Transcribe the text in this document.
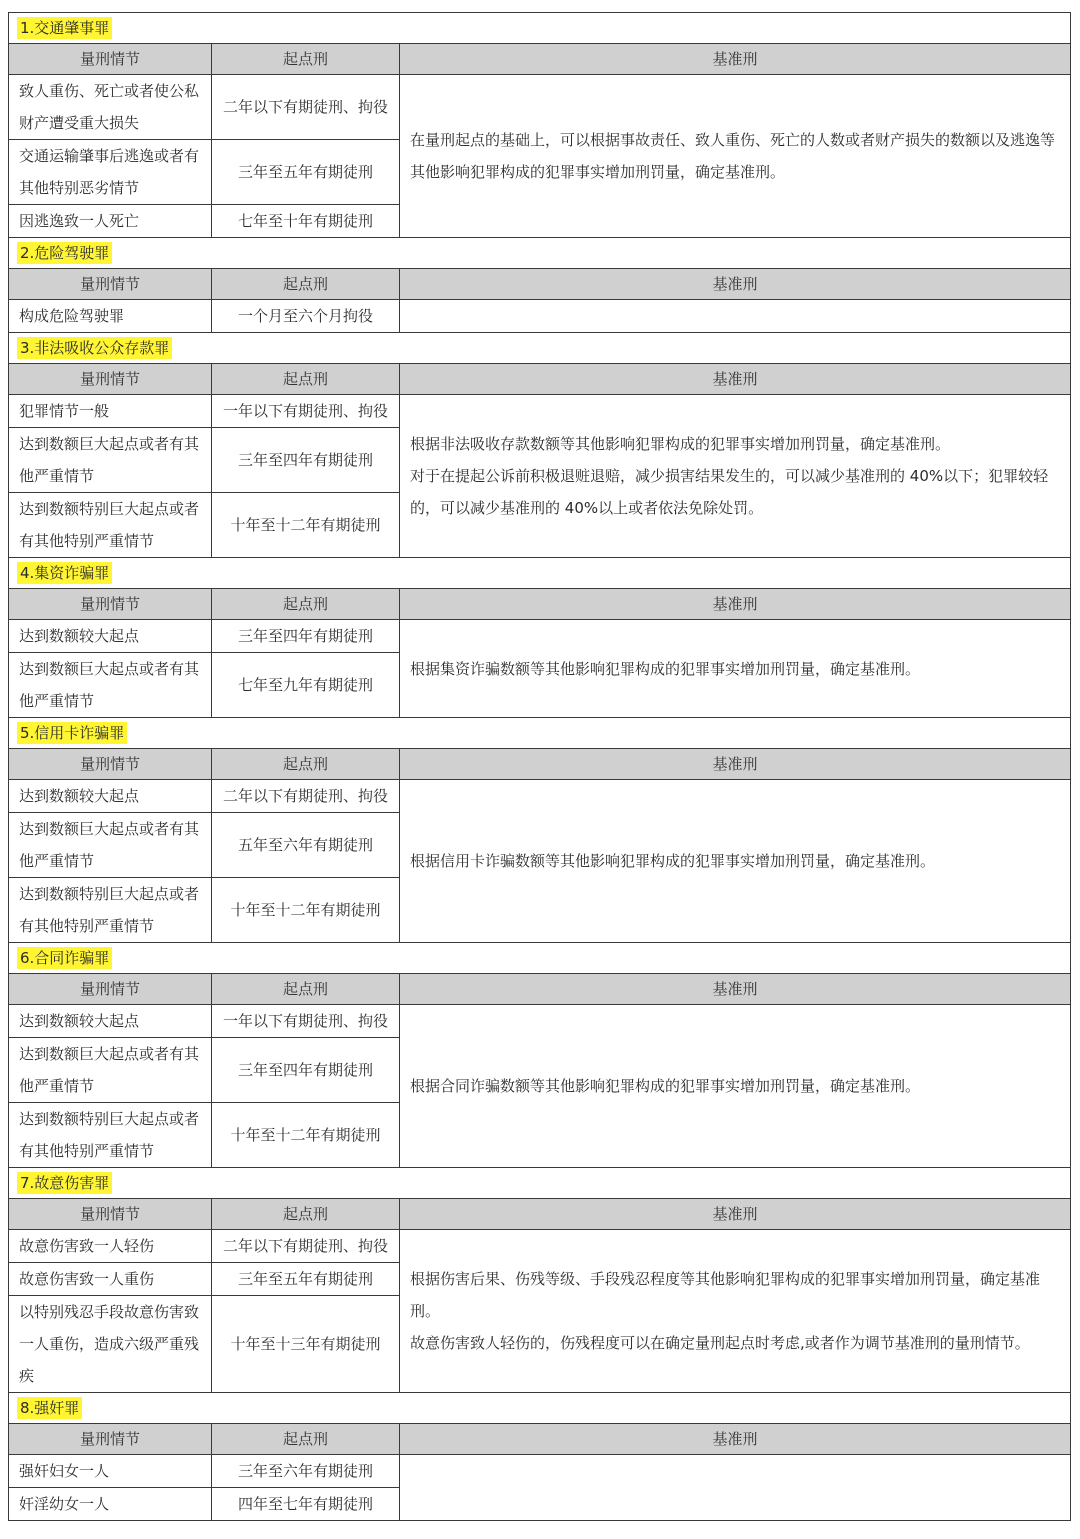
1.交通肇事罪		
量刑情节	起点刑	基准刑
致人重伤、死亡或者使公私财产遭受重大损失	二年以下有期徒刑、拘役	在量刑起点的基础上，可以根据事故责任、致人重伤、死亡的人数或者财产损失的数额以及逃逸等其他影响犯罪构成的犯罪事实增加刑罚量，确定基准刑。

交通运输肇事后逃逸或者有其他特别恶劣情节	三年至五年有期徒刑	
因逃逸致一人死亡	七年至十年有期徒刑	
2.危险驾驶罪		
量刑情节	起点刑	基准刑
构成危险驾驶罪	一个月至六个月拘役	
3.非法吸收公众存款罪		
量刑情节	起点刑	基准刑
犯罪情节一般	一年以下有期徒刑、拘役	根据非法吸收存款数额等其他影响犯罪构成的犯罪事实增加刑罚量，确定基准刑。
对于在提起公诉前积极退赃退赔，减少损害结果发生的，可以减少基准刑的 40%以下；犯罪较轻的，可以减少基准刑的 40%以上或者依法免除处罚。

达到数额巨大起点或者有其他严重情节	三年至四年有期徒刑	
达到数额特别巨大起点或者有其他特别严重情节	十年至十二年有期徒刑	
4.集资诈骗罪		
量刑情节	起点刑	基准刑
达到数额较大起点	三年至四年有期徒刑	根据集资诈骗数额等其他影响犯罪构成的犯罪事实增加刑罚量，确定基准刑。

达到数额巨大起点或者有其他严重情节	七年至九年有期徒刑	
5.信用卡诈骗罪		
量刑情节	起点刑	基准刑
达到数额较大起点	二年以下有期徒刑、拘役	根据信用卡诈骗数额等其他影响犯罪构成的犯罪事实增加刑罚量，确定基准刑。

达到数额巨大起点或者有其他严重情节	五年至六年有期徒刑	
达到数额特别巨大起点或者有其他特别严重情节	十年至十二年有期徒刑	
6.合同诈骗罪		
量刑情节	起点刑	基准刑
达到数额较大起点	一年以下有期徒刑、拘役	根据合同诈骗数额等其他影响犯罪构成的犯罪事实增加刑罚量，确定基准刑。

达到数额巨大起点或者有其他严重情节	三年至四年有期徒刑	
达到数额特别巨大起点或者有其他特别严重情节	十年至十二年有期徒刑	
7.故意伤害罪		
量刑情节	起点刑	基准刑
故意伤害致一人轻伤	二年以下有期徒刑、拘役	根据伤害后果、伤残等级、手段残忍程度等其他影响犯罪构成的犯罪事实增加刑罚量，确定基准刑。
故意伤害致人轻伤的，伤残程度可以在确定量刑起点时考虑,或者作为调节基准刑的量刑情节。

故意伤害致一人重伤	三年至五年有期徒刑	
以特别残忍手段故意伤害致一人重伤，造成六级严重残疾	十年至十三年有期徒刑	
8.强奸罪		
量刑情节	起点刑	基准刑
强奸妇女一人	三年至六年有期徒刑	
奸淫幼女一人	四年至七年有期徒刑	
